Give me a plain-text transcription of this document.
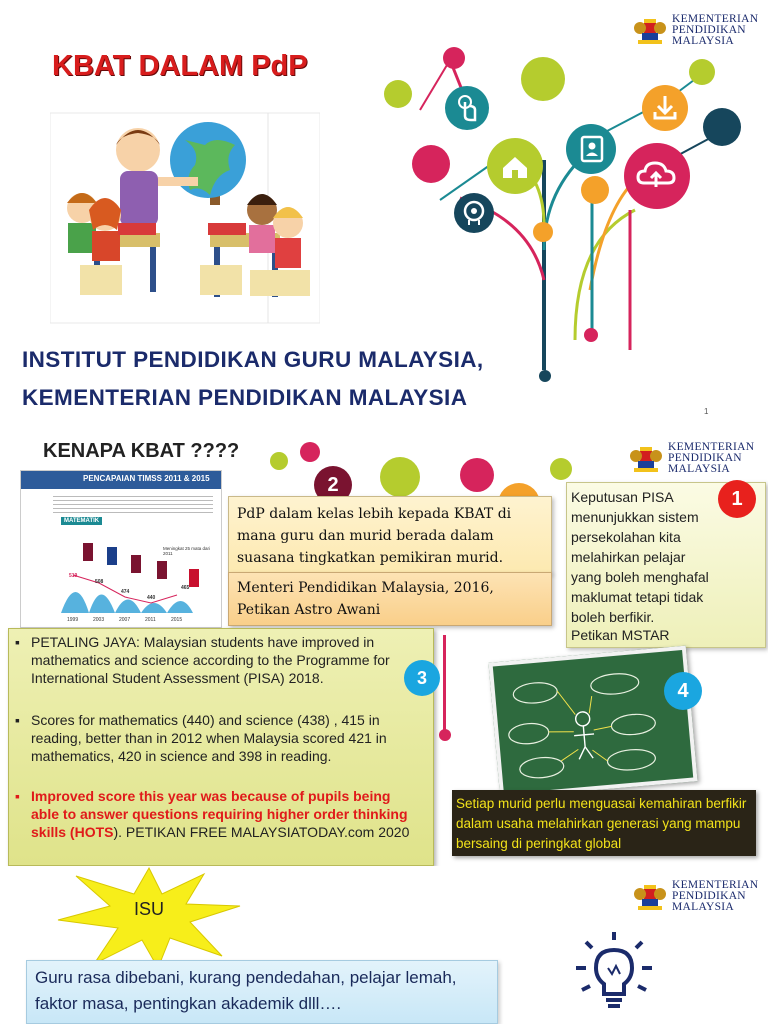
KBAT DALAM PdP
KEMENTERIAN
PENDIDIKAN
MALAYSIA
INSTITUT PENDIDIKAN GURU MALAYSIA,
KEMENTERIAN PENDIDIKAN MALAYSIA
1
KENAPA KBAT ????	KEMENTERIAN
PENDIDIKAN
MALAYSIA
PENCAPAIAN TIMSS 2011 & 2015
MATEMATIK
Meningkat 25 mata dari 2011
519
508
474
440
465
1999	2003	2007	2011	2015
2
PdP dalam kelas lebih kepada KBAT di mana guru dan murid berada dalam suasana tingkatkan pemikiran murid.
Menteri Pendidikan Malaysia, 2016, Petikan Astro Awani
Keputusan PISA menunjukkan sistem persekolahan kita melahirkan pelajar yang boleh menghafal maklumat tetapi tidak boleh berfikir.
Petikan MSTAR
1
▪ PETALING JAYA: Malaysian students have improved in mathematics and science according to the Programme for International Student Assessment (PISA) 2018.
▪ Scores for mathematics (440) and science (438) , 415 in reading, better than in 2012 when Malaysia scored 421 in mathematics, 420 in science and 398 in reading.
▪ Improved score this year was because of pupils being able to answer questions requiring higher order thinking skills (HOTS). PETIKAN FREE MALAYSIATODAY.com 2020
3
4
Setiap murid perlu menguasai kemahiran berfikir dalam usaha melahirkan generasi yang mampu bersaing di peringkat global
KEMENTERIAN
PENDIDIKAN
MALAYSIA
ISU
Guru rasa dibebani, kurang pendedahan, pelajar lemah, faktor masa, pentingkan akademik dlll….
